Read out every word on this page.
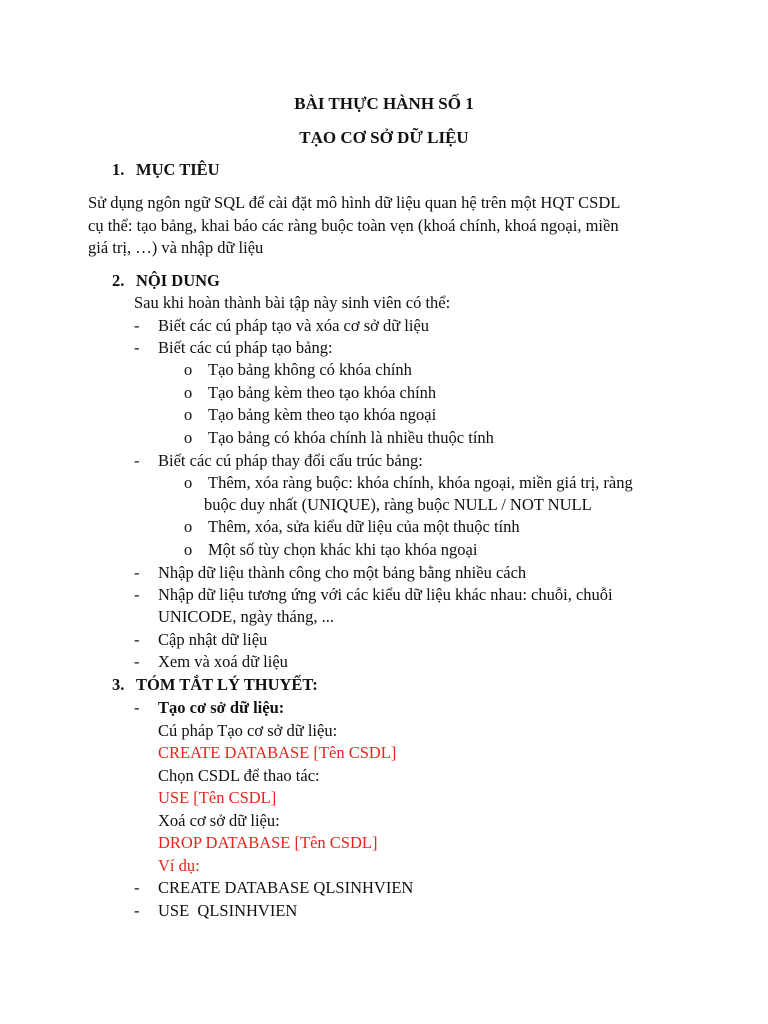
BÀI THỰC HÀNH SỐ 1
TẠO CƠ SỞ DỮ LIỆU
1. MỤC TIÊU
Sử dụng ngôn ngữ SQL để cài đặt mô hình dữ liệu quan hệ trên một HQT CSDL
cụ thể: tạo bảng, khai báo các ràng buộc toàn vẹn (khoá chính, khoá ngoại, miền
giá trị, …) và nhập dữ liệu
2. NỘI DUNG
Sau khi hoàn thành bài tập này sinh viên có thể:
- Biết các cú pháp tạo và xóa cơ sở dữ liệu
- Biết các cú pháp tạo bảng:
o Tạo bảng không có khóa chính
o Tạo bảng kèm theo tạo khóa chính
o Tạo bảng kèm theo tạo khóa ngoại
o Tạo bảng có khóa chính là nhiều thuộc tính
- Biết các cú pháp thay đổi cấu trúc bảng:
o Thêm, xóa ràng buộc: khóa chính, khóa ngoại, miền giá trị, ràng
buộc duy nhất (UNIQUE), ràng buộc NULL / NOT NULL
o Thêm, xóa, sửa kiểu dữ liệu của một thuộc tính
o Một số tùy chọn khác khi tạo khóa ngoại
- Nhập dữ liệu thành công cho một bảng bằng nhiều cách
- Nhập dữ liệu tương ứng với các kiểu dữ liệu khác nhau: chuỗi, chuỗi
UNICODE, ngày tháng, ...
- Cập nhật dữ liệu
- Xem và xoá dữ liệu
3. TÓM TẮT LÝ THUYẾT:
- Tạo cơ sở dữ liệu:
Cú pháp Tạo cơ sở dữ liệu:
CREATE DATABASE [Tên CSDL]
Chọn CSDL để thao tác:
USE [Tên CSDL]
Xoá cơ sở dữ liệu:
DROP DATABASE [Tên CSDL]
Ví dụ:
- CREATE DATABASE QLSINHVIEN
- USE  QLSINHVIEN
